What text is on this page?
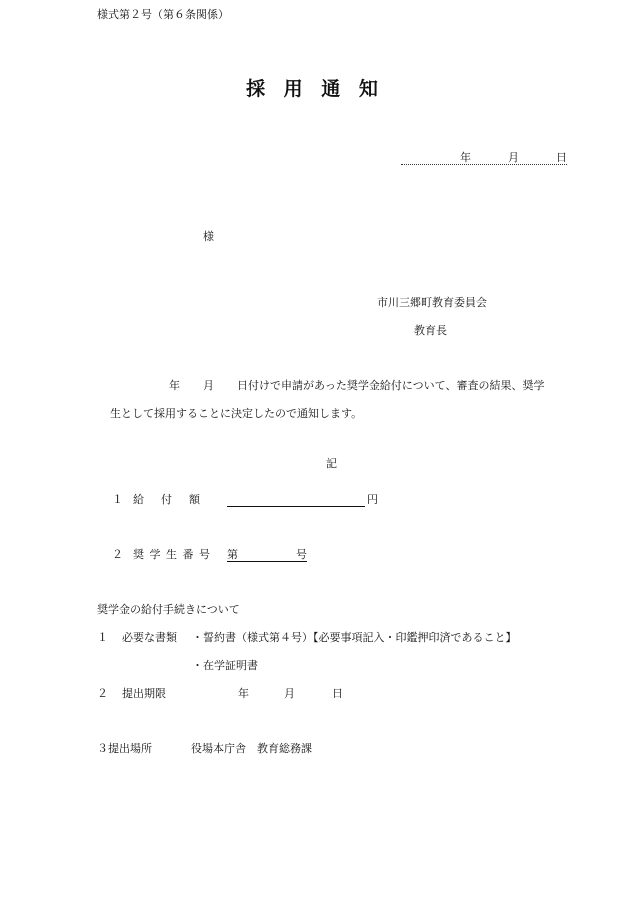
様式第２号（第６条関係）
採 用 通 知
年	月	日
様
市川三郷町教育委員会
教育長
年 月 日付けで申請があった奨学金給付について、審査の結果、奨学
生として採用することに決定したので通知します。
記
１ 給　付　額	円
２ 奨 学 生 番 号 第	号
奨学金の給付手続きについて
１ 必要な書類 ・誓約書（様式第４号）【必要事項記入・印鑑押印済であること】
・在学証明書
２ 提出期限	年	月	日
３提出場所	役場本庁舎　教育総務課
